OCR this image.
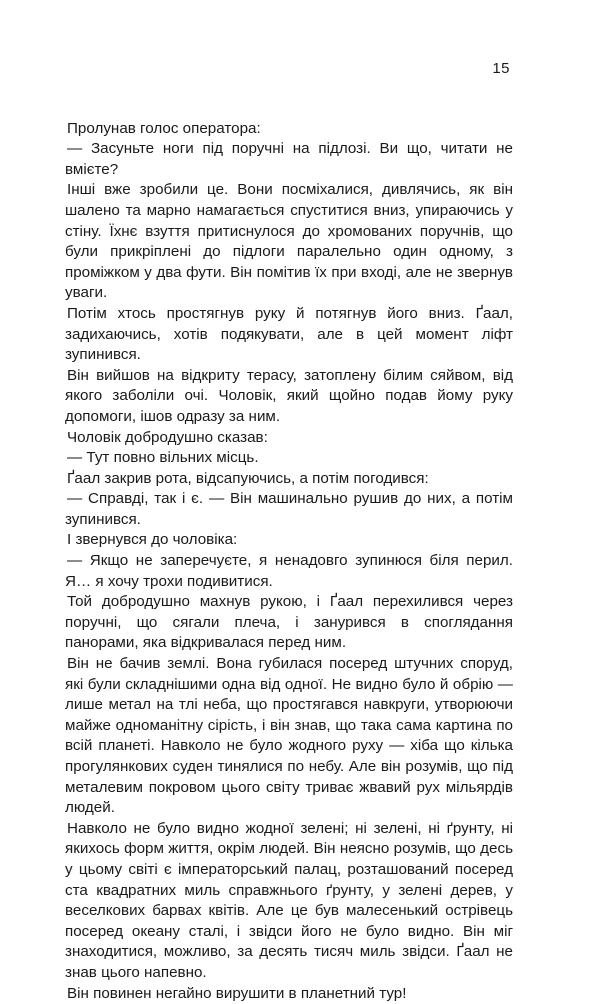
15

Пролунав голос оператора:

— Засуньте ноги під поручні на підлозі. Ви що, читати не вмієте?

Інші вже зробили це. Вони посміхалися, дивлячись, як він шалено та марно намагається спуститися вниз, упираючись у стіну. Їхнє взуття притиснулося до хромованих поручнів, що були прикріплені до підлоги паралельно один одному, з проміжком у два фути. Він помітив їх при вході, але не звернув уваги.

Потім хтось простягнув руку й потягнув його вниз. Ґаал, задихаючись, хотів подякувати, але в цей момент ліфт зупинився.

Він вийшов на відкриту терасу, затоплену білим сяйвом, від якого заболіли очі. Чоловік, який щойно подав йому руку допомоги, ішов одразу за ним.

Чоловік добродушно сказав:

— Тут повно вільних місць.

Ґаал закрив рота, відсапуючись, а потім погодився:

— Справді, так і є. — Він машинально рушив до них, а потім зупинився.

І звернувся до чоловіка:

— Якщо не заперечуєте, я ненадовго зупинюся біля перил. Я… я хочу трохи подивитися.

Той добродушно махнув рукою, і Ґаал перехилився через поручні, що сягали плеча, і занурився в споглядання панорами, яка відкривалася перед ним.

Він не бачив землі. Вона губилася посеред штучних споруд, які були складнішими одна від одної. Не видно було й обрію — лише метал на тлі неба, що простягався навкруги, утворюючи майже одноманітну сірість, і він знав, що така сама картина по всій планеті. Навколо не було жодного руху — хіба що кілька прогулянкових суден тинялися по небу. Але він розумів, що під металевим покровом цього світу триває жвавий рух мільярдів людей.

Навколо не було видно жодної зелені; ні зелені, ні ґрунту, ні якихось форм життя, окрім людей. Він неясно розумів, що десь у цьому світі є імператорський палац, розташований посеред ста квадратних миль справжнього ґрунту, у зелені дерев, у веселкових барвах квітів. Але це був малесенький острівець посеред океану сталі, і звідси його не було видно. Він міг знаходитися, можливо, за десять тисяч миль звідси. Ґаал не знав цього напевно.

Він повинен негайно вирушити в планетний тур!
